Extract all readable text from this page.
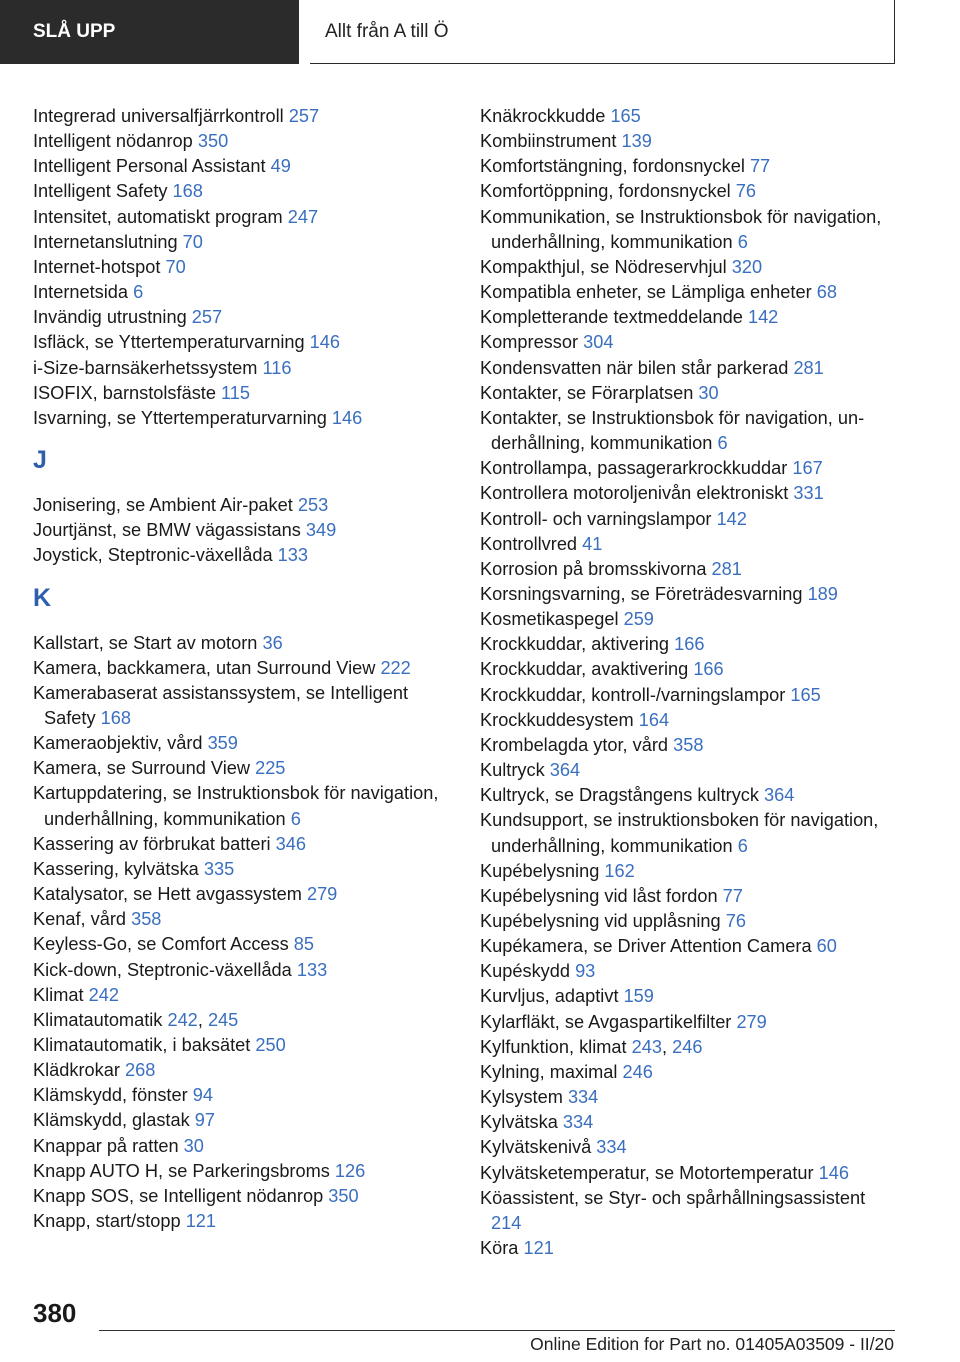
SLÅ UPP	Allt från A till Ö
Integrerad universalfjärrkontroll 257
Intelligent nödanrop 350
Intelligent Personal Assistant 49
Intelligent Safety 168
Intensitet, automatiskt program 247
Internetanslutning 70
Internet-hotspot 70
Internetsida 6
Invändig utrustning 257
Isfläck, se Yttertemperaturvarning 146
i-Size-barnsäkerhetssystem 116
ISOFIX, barnstolsfäste 115
Isvarning, se Yttertemperaturvarning 146
J
Jonisering, se Ambient Air-paket 253
Jourtjänst, se BMW vägassistans 349
Joystick, Steptronic-växellåda 133
K
Kallstart, se Start av motorn 36
Kamera, backkamera, utan Surround View 222
Kamerabaserat assistanssystem, se Intelligent Safety 168
Kameraobjektiv, vård 359
Kamera, se Surround View 225
Kartuppdatering, se Instruktionsbok för navigation, underhållning, kommunikation 6
Kassering av förbrukat batteri 346
Kassering, kylvätska 335
Katalysator, se Hett avgassystem 279
Kenaf, vård 358
Keyless-Go, se Comfort Access 85
Kick-down, Steptronic-växellåda 133
Klimat 242
Klimatautomatik 242, 245
Klimatautomatik, i baksätet 250
Klädkrokar 268
Klämskydd, fönster 94
Klämskydd, glastak 97
Knappar på ratten 30
Knapp AUTO H, se Parkeringsbroms 126
Knapp SOS, se Intelligent nödanrop 350
Knapp, start/stopp 121
Knäkrockkudde 165
Kombiinstrument 139
Komfortstängning, fordonsnyckel 77
Komfortöppning, fordonsnyckel 76
Kommunikation, se Instruktionsbok för navigation, underhållning, kommunikation 6
Kompakthjul, se Nödreservhjul 320
Kompatibla enheter, se Lämpliga enheter 68
Kompletterande textmeddelande 142
Kompressor 304
Kondensvatten när bilen står parkerad 281
Kontakter, se Förarplatsen 30
Kontakter, se Instruktionsbok för navigation, underhållning, kommunikation 6
Kontrollampa, passagerarkrockkuddar 167
Kontrollera motoroljenivån elektroniskt 331
Kontroll- och varningslampor 142
Kontrollvred 41
Korrosion på bromsskivorna 281
Korsningsvarning, se Företrädesvarning 189
Kosmetikaspegel 259
Krockkuddar, aktivering 166
Krockkuddar, avaktivering 166
Krockkuddar, kontroll-/varningslampor 165
Krockkuddesystem 164
Krombelagda ytor, vård 358
Kultryck 364
Kultryck, se Dragstångens kultryck 364
Kundsupport, se instruktionsboken för navigation, underhållning, kommunikation 6
Kupébelysning 162
Kupébelysning vid låst fordon 77
Kupébelysning vid upplåsning 76
Kupékamera, se Driver Attention Camera 60
Kupéskydd 93
Kurvljus, adaptivt 159
Kylarfläkt, se Avgaspartikelfilter 279
Kylfunktion, klimat 243, 246
Kylning, maximal 246
Kylsystem 334
Kylvätska 334
Kylvätskenivå 334
Kylvätsketemperatur, se Motortemperatur 146
Köassistent, se Styr- och spårhållningsassistent 214
Köra 121
380
Online Edition for Part no. 01405A03509 - II/20
